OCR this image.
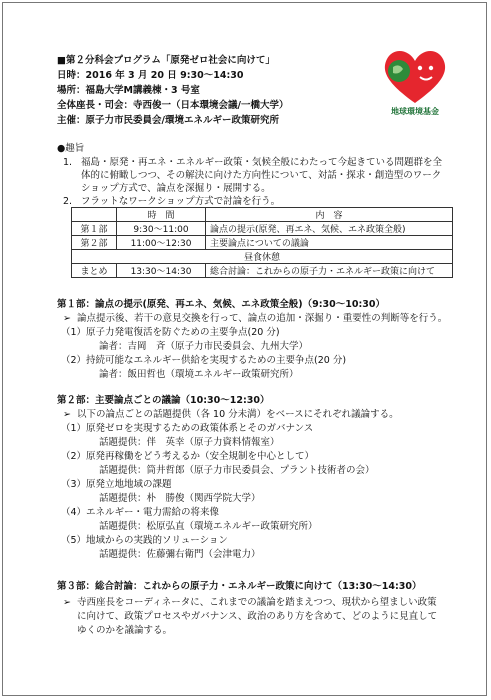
地球環境基金
■第２分科会プログラム「原発ゼロ社会に向けて」
日時：2016 年 3 月 20 日 9:30～14:30
場所：福島大学M講義棟・3 号室
全体座長・司会：寺西俊一（日本環境会議/一橋大学）
主催：原子力市民委員会/環境エネルギー政策研究所
●趣旨
1. 福島・原発・再エネ・エネルギー政策・気候全般にわたって今起きている問題群を全
体的に俯瞰しつつ、その解決に向けた方向性について、対話・探求・創造型のワーク
ショップ方式で、論点を深掘り・展開する。
2. フラットなワークショップ方式で討論を行う。
	時　間	内　容
第１部	9:30～11:00	論点の提示(原発、再エネ、気候、エネ政策全般)
第２部	11:00～12:30	主要論点についての議論
昼食休憩		
まとめ	13:30～14:30	総合討論：これからの原子力・エネルギー政策に向けて
第１部：論点の提示(原発、再エネ、気候、エネ政策全般)（9:30～10:30）
➢ 論点提示後、若干の意見交換を行って、論点の追加・深掘り・重要性の判断等を行う。
（1）原子力発電復活を防ぐための主要争点(20 分)
論者：吉岡　斉（原子力市民委員会、九州大学）
（2）持続可能なエネルギー供給を実現するための主要争点(20 分)
論者：飯田哲也（環境エネルギー政策研究所）
第２部：主要論点ごとの議論（10:30～12:30）
➢ 以下の論点ごとの話題提供（各 10 分未満）をベースにそれぞれ議論する。
（1）原発ゼロを実現するための政策体系とそのガバナンス
話題提供：伴　英幸（原子力資料情報室）
（2）原発再稼働をどう考えるか（安全規制を中心として）
話題提供：筒井哲郎（原子力市民委員会、プラント技術者の会）
（3）原発立地地域の課題
話題提供：朴　勝俊（関西学院大学）
（4）エネルギー・電力需給の将来像
話題提供：松原弘直（環境エネルギー政策研究所）
（5）地域からの実践的ソリューション
話題提供：佐藤彌右衛門（会津電力）
第３部：総合討論：これからの原子力・エネルギー政策に向けて（13:30～14:30）
➢ 寺西座長をコーディネータに、これまでの議論を踏まえつつ、現状から望ましい政策
に向けて、政策プロセスやガバナンス、政治のあり方を含めて、どのように見直して
ゆくのかを議論する。
